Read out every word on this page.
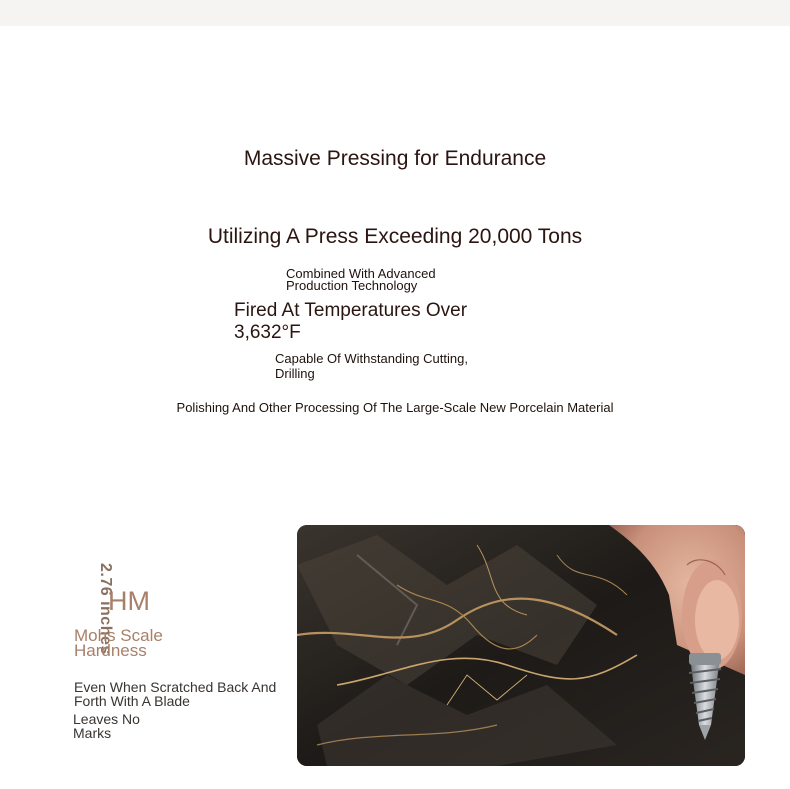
Massive Pressing for Endurance

Utilizing A Press Exceeding 20,000 Tons

Combined With Advanced Production Technology

Fired At Temperatures Over 3,632°F

Capable Of Withstanding Cutting, Drilling

Polishing And Other Processing Of The Large-Scale New Porcelain Material

2.76 inches

HM

Mohs Scale Hardness

Even When Scratched Back And Forth With A Blade

Leaves No Marks
